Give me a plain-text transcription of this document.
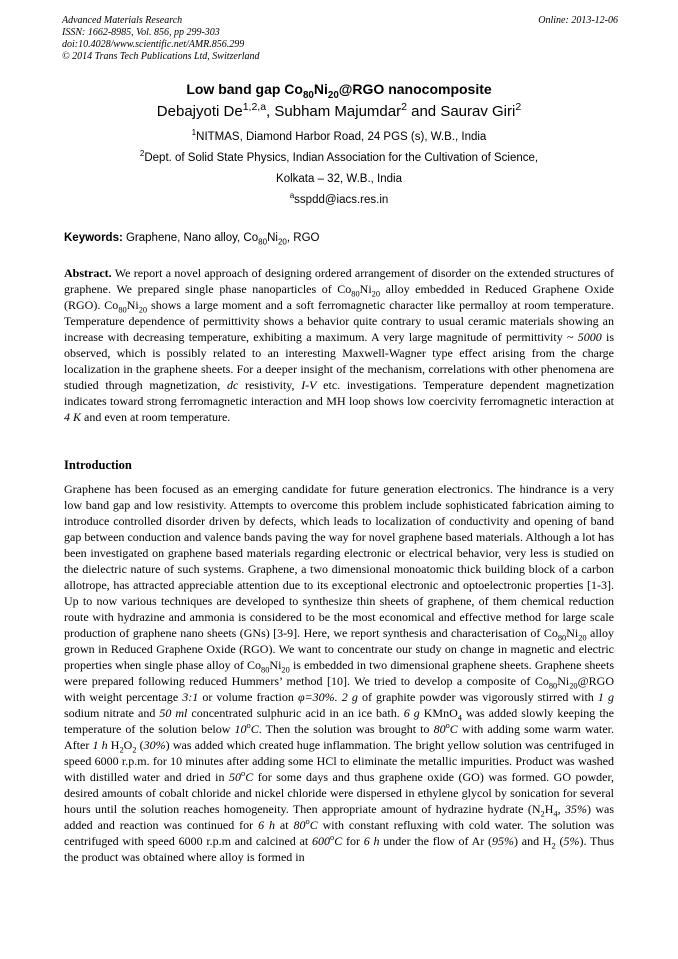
Advanced Materials Research
ISSN: 1662-8985, Vol. 856, pp 299-303
doi:10.4028/www.scientific.net/AMR.856.299
© 2014 Trans Tech Publications Ltd, Switzerland
Online: 2013-12-06
Low band gap $Co_{80}Ni_{20}@RGO$ nanocomposite
Debajyoti De$^{1,2,a}$, Subham Majumdar$^2$ and Saurav Giri$^2$
$^1$NITMAS, Diamond Harbor Road, 24 PGS (s), W.B., India
$^2$Dept. of Solid State Physics, Indian Association for the Cultivation of Science,
Kolkata – 32, W.B., India
$^a$sspdd@iacs.res.in
Keywords: Graphene, Nano alloy, $Co_{80}Ni_{20}$, RGO
Abstract. We report a novel approach of designing ordered arrangement of disorder on the extended structures of graphene. We prepared single phase nanoparticles of $Co_{80}Ni_{20}$ alloy embedded in Reduced Graphene Oxide (RGO). $Co_{80}Ni_{20}$ shows a large moment and a soft ferromagnetic character like permalloy at room temperature. Temperature dependence of permittivity shows a behavior quite contrary to usual ceramic materials showing an increase with decreasing temperature, exhibiting a maximum. A very large magnitude of permittivity ~ 5000 is observed, which is possibly related to an interesting Maxwell-Wagner type effect arising from the charge localization in the graphene sheets. For a deeper insight of the mechanism, correlations with other phenomena are studied through magnetization, dc resistivity, I-V etc. investigations. Temperature dependent magnetization indicates toward strong ferromagnetic interaction and MH loop shows low coercivity ferromagnetic interaction at 4 K and even at room temperature.
Introduction
Graphene has been focused as an emerging candidate for future generation electronics. The hindrance is a very low band gap and low resistivity. Attempts to overcome this problem include sophisticated fabrication aiming to introduce controlled disorder driven by defects, which leads to localization of conductivity and opening of band gap between conduction and valence bands paving the way for novel graphene based materials. Although a lot has been investigated on graphene based materials regarding electronic or electrical behavior, very less is studied on the dielectric nature of such systems. Graphene, a two dimensional monoatomic thick building block of a carbon allotrope, has attracted appreciable attention due to its exceptional electronic and optoelectronic properties [1-3]. Up to now various techniques are developed to synthesize thin sheets of graphene, of them chemical reduction route with hydrazine and ammonia is considered to be the most economical and effective method for large scale production of graphene nano sheets (GNs) [3-9]. Here, we report synthesis and characterisation of $Co_{80}Ni_{20}$ alloy grown in Reduced Graphene Oxide (RGO). We want to concentrate our study on change in magnetic and electric properties when single phase alloy of $Co_{80}Ni_{20}$ is embedded in two dimensional graphene sheets. Graphene sheets were prepared following reduced Hummers’ method [10]. We tried to develop a composite of $Co_{80}Ni_{20}@RGO$ with weight percentage 3:1 or volume fraction φ=30%. 2 g of graphite powder was vigorously stirred with 1 g sodium nitrate and 50 ml concentrated sulphuric acid in an ice bath. 6 g KMnO$_4$ was added slowly keeping the temperature of the solution below 10$^o$C. Then the solution was brought to 80$^o$C with adding some warm water. After 1 h $H_2O_2$ (30%) was added which created huge inflammation. The bright yellow solution was centrifuged in speed 6000 r.p.m. for 10 minutes after adding some HCl to eliminate the metallic impurities. Product was washed with distilled water and dried in 50$^o$C for some days and thus graphene oxide (GO) was formed. GO powder, desired amounts of cobalt chloride and nickel chloride were dispersed in ethylene glycol by sonication for several hours until the solution reaches homogeneity. Then appropriate amount of hydrazine hydrate ($N_2H_4$, 35%) was added and reaction was continued for 6 h at 80$^o$C with constant refluxing with cold water. The solution was centrifuged with speed 6000 r.p.m and calcined at 600$^o$C for 6 h under the flow of Ar (95%) and $H_2$ (5%). Thus the product was obtained where alloy is formed in
